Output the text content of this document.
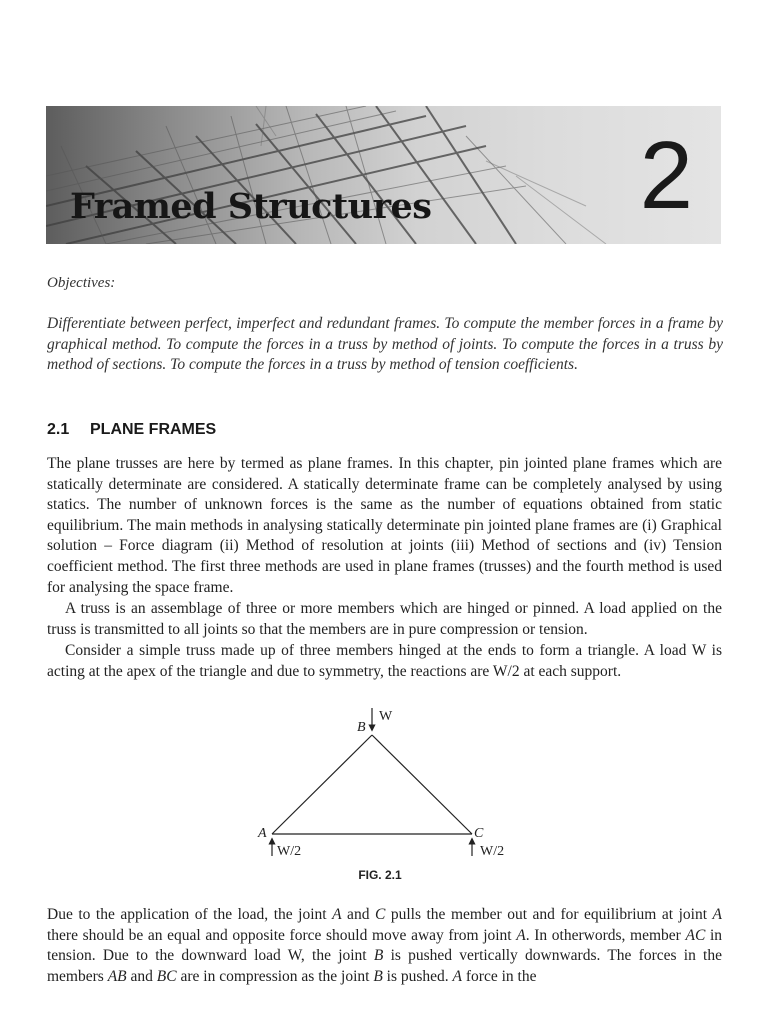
Framed Structures 2

Objectives:

Differentiate between perfect, imperfect and redundant frames. To compute the member forces in a frame by graphical method. To compute the forces in a truss by method of joints. To compute the forces in a truss by method of sections. To compute the forces in a truss by method of tension coefficients.

2.1 PLANE FRAMES

The plane trusses are here by termed as plane frames. In this chapter, pin jointed plane frames which are statically determinate are considered. A statically determinate frame can be completely analysed by using statics. The number of unknown forces is the same as the number of equations obtained from static equilibrium. The main methods in analysing statically determinate pin jointed plane frames are (i) Graphical solution – Force diagram (ii) Method of resolution at joints (iii) Method of sections and (iv) Tension coefficient method. The first three methods are used in plane frames (trusses) and the fourth method is used for analysing the space frame.

A truss is an assemblage of three or more members which are hinged or pinned. A load applied on the truss is transmitted to all joints so that the members are in pure compression or tension.

Consider a simple truss made up of three members hinged at the ends to form a triangle. A load W is acting at the apex of the triangle and due to symmetry, the reactions are W/2 at each support.

W
B
A	C
W/2	W/2
FIG. 2.1

Due to the application of the load, the joint A and C pulls the member out and for equilibrium at joint A there should be an equal and opposite force should move away from joint A. In otherwords, member AC in tension. Due to the downward load W, the joint B is pushed vertically downwards. The forces in the members AB and BC are in compression as the joint B is pushed. A force in the
